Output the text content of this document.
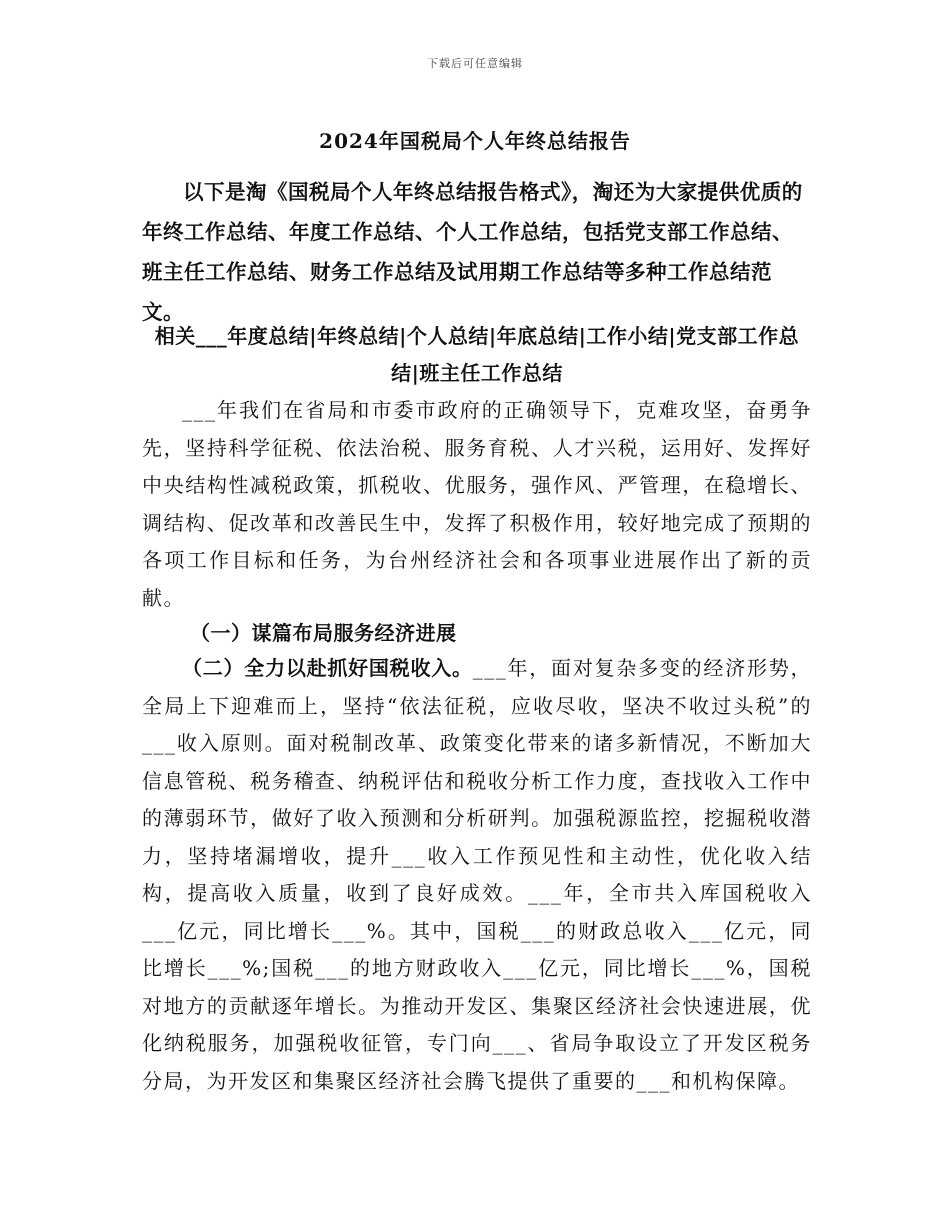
下载后可任意编辑
2024年国税局个人年终总结报告
以下是淘《国税局个人年终总结报告格式》，淘还为大家提供优质的年终工作总结、年度工作总结、个人工作总结，包括党支部工作总结、班主任工作总结、财务工作总结及试用期工作总结等多种工作总结范文。
相关___年度总结|年终总结|个人总结|年底总结|工作小结|党支部工作总结|班主任工作总结
___年我们在省局和市委市政府的正确领导下，克难攻坚，奋勇争先，坚持科学征税、依法治税、服务育税、人才兴税，运用好、发挥好中央结构性减税政策，抓税收、优服务，强作风、严管理，在稳增长、调结构、促改革和改善民生中，发挥了积极作用，较好地完成了预期的各项工作目标和任务，为台州经济社会和各项事业进展作出了新的贡献。
（一）谋篇布局服务经济进展
（二）全力以赴抓好国税收入。___年，面对复杂多变的经济形势，全局上下迎难而上，坚持“依法征税，应收尽收，坚决不收过头税”的___收入原则。面对税制改革、政策变化带来的诸多新情况，不断加大信息管税、税务稽查、纳税评估和税收分析工作力度，查找收入工作中的薄弱环节，做好了收入预测和分析研判。加强税源监控，挖掘税收潜力，坚持堵漏增收，提升___收入工作预见性和主动性，优化收入结构，提高收入质量，收到了良好成效。___年，全市共入库国税收入___亿元，同比增长___%。其中，国税___的财政总收入___亿元，同比增长___%;国税___的地方财政收入___亿元，同比增长___%，国税对地方的贡献逐年增长。为推动开发区、集聚区经济社会快速进展，优化纳税服务，加强税收征管，专门向___、省局争取设立了开发区税务分局，为开发区和集聚区经济社会腾飞提供了重要的___和机构保障。
